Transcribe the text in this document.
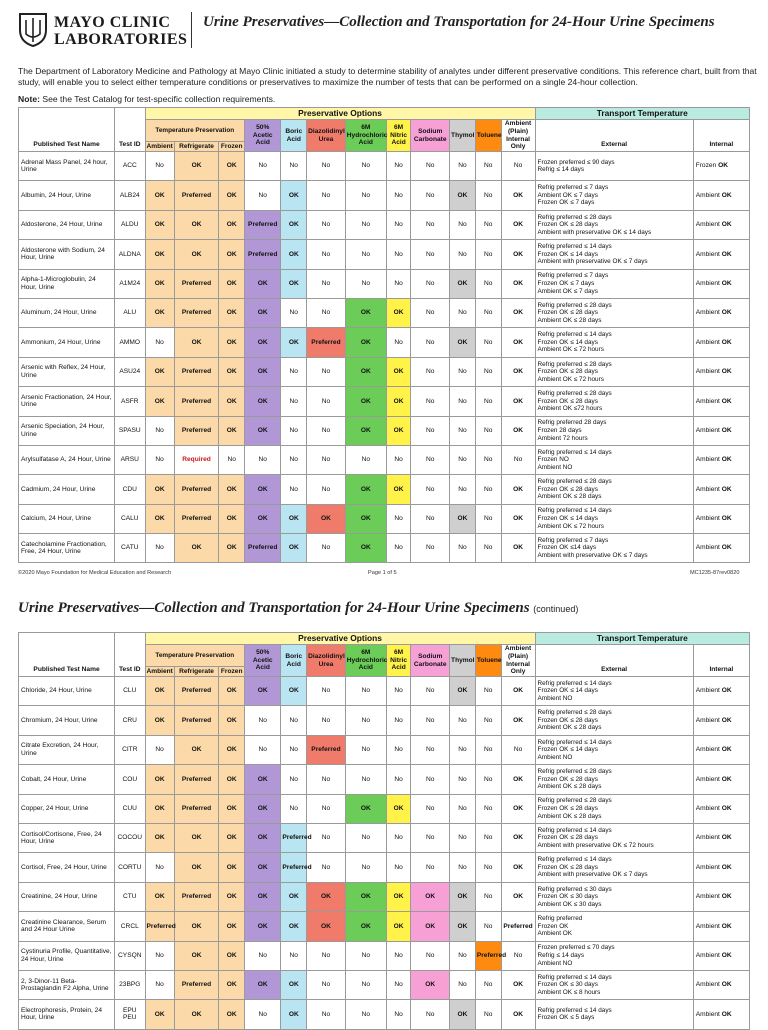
MAYO CLINIC
LABORATORIES
Urine Preservatives—Collection and Transportation for 24-Hour Urine Specimens
The Department of Laboratory Medicine and Pathology at Mayo Clinic initiated a study to determine stability of analytes under different preservative conditions. This reference chart, built from that study, will enable you to select either temperature conditions or preservatives to maximize the number of tests that can be performed on a single 24-hour collection.
Note: See the Test Catalog for test-specific collection requirements.
Published Test Name	Test ID	Preservative Options												Transport Temperature	
		Temperature Preservation			50% Acetic Acid	Boric Acid	Diazolidinyl Urea	6M Hydrochloric Acid	6M Nitric Acid	Sodium Carbonate	Thymol	Toluene	Ambient (Plain) Internal Only	External	Internal
		Ambient	Refrigerate	Frozen											
Adrenal Mass Panel, 24 hour, Urine	ACC	No	OK	OK	No	No	No	No	No	No	No	No	No	Frozen preferred ≤ 90 days
Refrig ≤ 14 days	Frozen OK
Albumin, 24 Hour, Urine	ALB24	OK	Preferred	OK	No	OK	No	No	No	No	OK	No	OK	Refrig preferred ≤ 7 days
Ambient OK ≤ 7 days
Frozen OK ≤ 7 days	Ambient OK
Aldosterone, 24 Hour, Urine	ALDU	OK	OK	OK	Preferred	OK	No	No	No	No	No	No	OK	Refrig preferred ≤ 28 days
Frozen OK ≤ 28 days
Ambient with preservative OK ≤ 14 days	Ambient OK
Aldosterone with Sodium, 24 Hour, Urine	ALDNA	OK	OK	OK	Preferred	OK	No	No	No	No	No	No	OK	Refrig preferred ≤ 14 days
Frozen OK ≤ 14 days
Ambient with preservative OK ≤ 7 days	Ambient OK
Alpha-1-Microglobulin, 24 Hour, Urine	A1M24	OK	Preferred	OK	OK	OK	No	No	No	No	OK	No	OK	Refrig preferred ≤ 7 days
Frozen OK ≤ 7 days
Ambient OK ≤ 7 days	Ambient OK
Aluminum, 24 Hour, Urine	ALU	OK	Preferred	OK	OK	No	No	OK	OK	No	No	No	OK	Refrig preferred ≤ 28 days
Frozen OK ≤ 28 days
Ambient OK ≤ 28 days	Ambient OK
Ammonium, 24 Hour, Urine	AMMO	No	OK	OK	OK	OK	Preferred	OK	No	No	OK	No	OK	Refrig preferred ≤ 14 days
Frozen OK ≤ 14 days
Ambient OK ≤ 72 hours	Ambient OK
Arsenic with Reflex, 24 Hour, Urine	ASU24	OK	Preferred	OK	OK	No	No	OK	OK	No	No	No	OK	Refrig preferred ≤ 28 days
Frozen OK ≤ 28 days
Ambient OK ≤ 72 hours	Ambient OK
Arsenic Fractionation, 24 Hour, Urine	ASFR	OK	Preferred	OK	OK	No	No	OK	OK	No	No	No	OK	Refrig preferred ≤ 28 days
Frozen OK ≤ 28 days
Ambient OK ≤72 hours	Ambient OK
Arsenic Speciation, 24 Hour, Urine	SPASU	No	Preferred	OK	OK	No	No	OK	OK	No	No	No	OK	Refrig preferred 28 days
Frozen 28 days
Ambient 72 hours	Ambient OK
Arylsulfatase A, 24 Hour, Urine	ARSU	No	Required	No	No	No	No	No	No	No	No	No	No	Refrig preferred ≤ 14 days
Frozen NO
Ambient NO	Ambient OK
Cadmium, 24 Hour, Urine	CDU	OK	Preferred	OK	OK	No	No	OK	OK	No	No	No	OK	Refrig preferred ≤ 28 days
Frozen OK ≤ 28 days
Ambient OK ≤ 28 days	Ambient OK
Calcium, 24 Hour, Urine	CALU	OK	Preferred	OK	OK	OK	OK	OK	No	No	OK	No	OK	Refrig preferred ≤ 14 days
Frozen OK ≤ 14 days
Ambient OK ≤ 72 hours	Ambient OK
Catecholamine Fractionation, Free, 24 Hour, Urine	CATU	No	OK	OK	Preferred	OK	No	OK	No	No	No	No	OK	Refrig preferred ≤ 7 days
Frozen OK ≤14 days
Ambient with preservative OK ≤ 7 days	Ambient OK
©2020 Mayo Foundation for Medical Education and Research	Page 1 of 5	MC1235-87rev0820
Urine Preservatives—Collection and Transportation for 24-Hour Urine Specimens (continued)
Published Test Name	Test ID	Preservative Options												Transport Temperature	
		Temperature Preservation			50% Acetic Acid	Boric Acid	Diazolidinyl Urea	6M Hydrochloric Acid	6M Nitric Acid	Sodium Carbonate	Thymol	Toluene	Ambient (Plain) Internal Only	External	Internal
		Ambient	Refrigerate	Frozen											
Chloride, 24 Hour, Urine	CLU	OK	Preferred	OK	OK	OK	No	No	No	No	OK	No	OK	Refrig preferred ≤ 14 days
Frozen OK ≤ 14 days
Ambient NO	Ambient OK
Chromium, 24 Hour, Urine	CRU	OK	Preferred	OK	No	No	No	No	No	No	No	No	OK	Refrig preferred ≤ 28 days
Frozen OK ≤ 28 days
Ambient OK ≤ 28 days	Ambient OK
Citrate Excretion, 24 Hour, Urine	CITR	No	OK	OK	No	No	Preferred	No	No	No	No	No	No	Refrig preferred ≤ 14 days
Frozen OK ≤ 14 days
Ambient NO	Ambient OK
Cobalt, 24 Hour, Urine	COU	OK	Preferred	OK	OK	No	No	No	No	No	No	No	OK	Refrig preferred ≤ 28 days
Frozen OK ≤ 28 days
Ambient OK ≤ 28 days	Ambient OK
Copper, 24 Hour, Urine	CUU	OK	Preferred	OK	OK	No	No	OK	OK	No	No	No	OK	Refrig preferred ≤ 28 days
Frozen OK ≤ 28 days
Ambient OK ≤ 28 days	Ambient OK
Cortisol/Cortisone, Free, 24 Hour, Urine	COCOU	OK	OK	OK	OK	Preferred	No	No	No	No	No	No	OK	Refrig preferred ≤ 14 days
Frozen OK ≤ 28 days
Ambient with preservative OK ≤ 72 hours	Ambient OK
Cortisol, Free, 24 Hour, Urine	CORTU	No	OK	OK	OK	Preferred	No	No	No	No	No	No	OK	Refrig preferred ≤ 14 days
Frozen OK ≤ 28 days
Ambient with preservative OK ≤ 7 days	Ambient OK
Creatinine, 24 Hour, Urine	CTU	OK	Preferred	OK	OK	OK	OK	OK	OK	OK	OK	No	OK	Refrig preferred ≤ 30 days
Frozen OK ≤ 30 days
Ambient OK ≤ 30 days	Ambient OK
Creatinine Clearance, Serum and 24 Hour Urine	CRCL	Preferred	OK	OK	OK	OK	OK	OK	OK	OK	OK	No	Preferred	Refrig preferred
Frozen OK
Ambient OK	Ambient OK
Cystinuria Profile, Quantitative, 24 Hour, Urine	CYSQN	No	OK	OK	No	No	No	No	No	No	No	Preferred	No	Frozen preferred ≤ 70 days
Refrig ≤ 14 days
Ambient NO	Ambient OK
2, 3-Dinor-11 Beta-Prostaglandin F2 Alpha, Urine	23BPG	No	Preferred	OK	OK	OK	No	No	No	OK	No	No	OK	Refrig preferred ≤ 14 days
Frozen OK ≤ 30 days
Ambient OK ≤ 8 hours	Ambient OK
Electrophoresis, Protein, 24 Hour, Urine	EPU PEU	OK	OK	OK	No	OK	No	No	No	No	OK	No	OK	Refrig preferred ≤ 14 days
Frozen OK ≤ 5 days	Ambient OK
